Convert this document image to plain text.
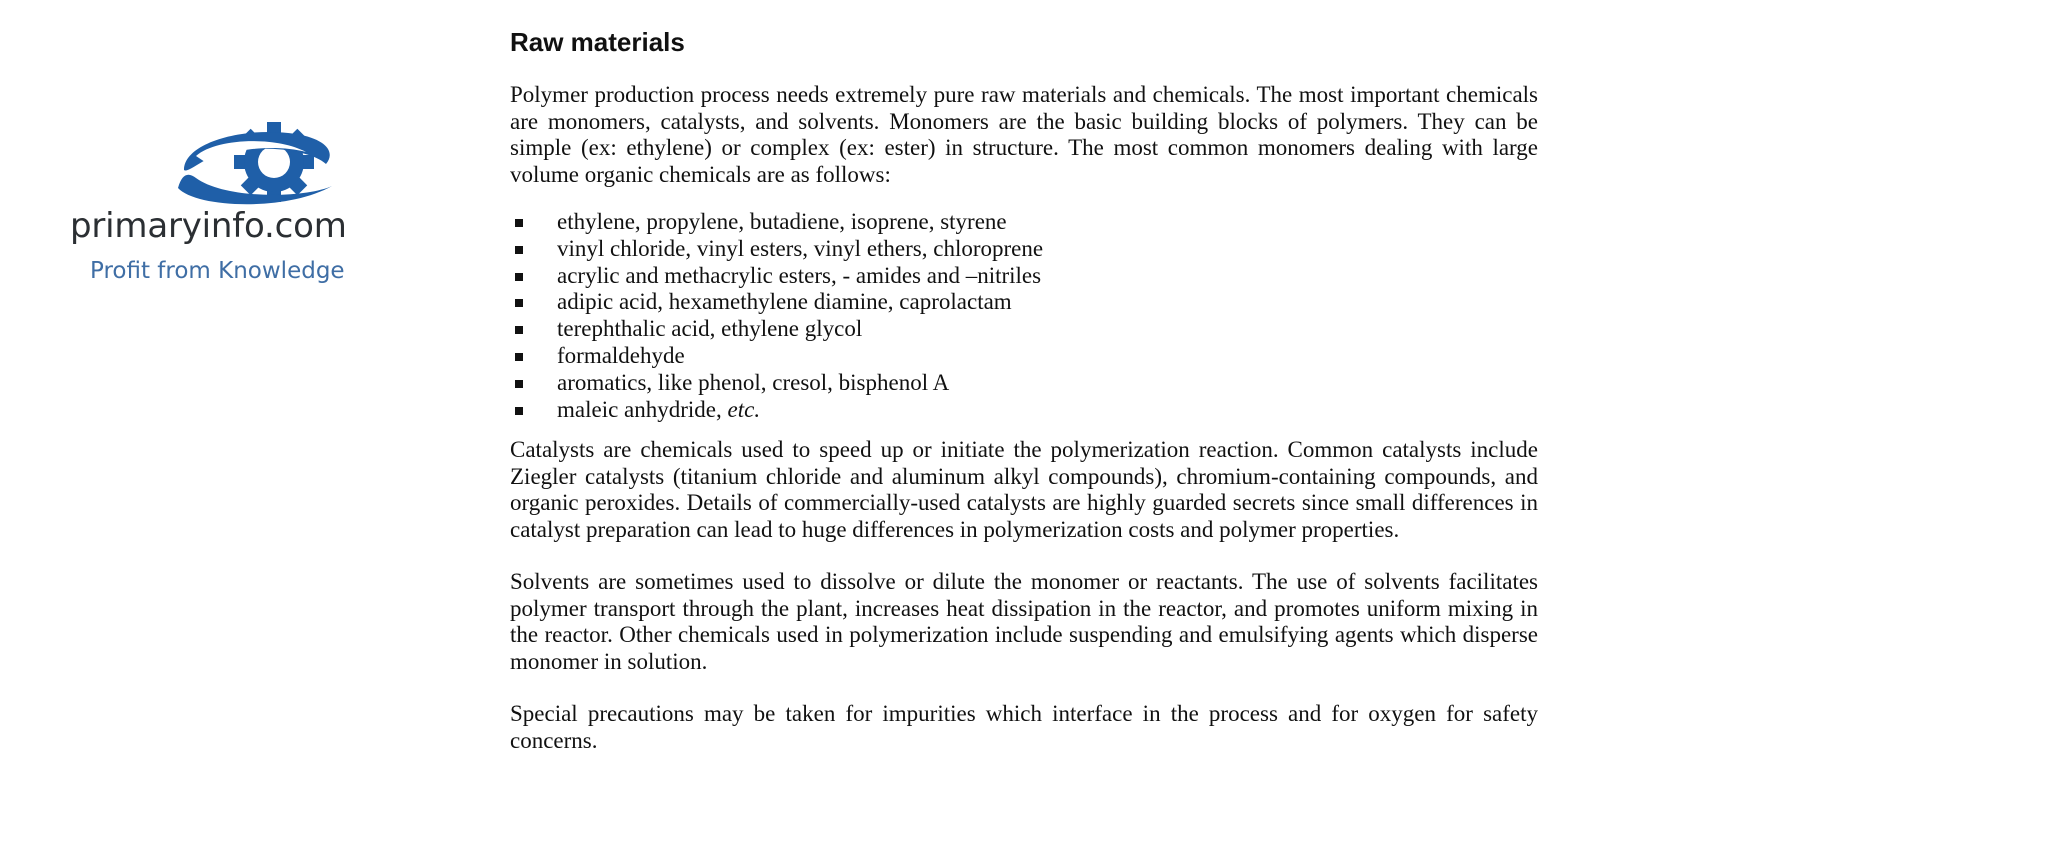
primaryinfo.com
Profit from Knowledge
Raw materials

Polymer production process needs extremely pure raw materials and chemicals. The most important chemicals are monomers, catalysts, and solvents. Monomers are the basic building blocks of polymers. They can be simple (ex: ethylene) or complex (ex: ester) in structure. The most common monomers dealing with large volume organic chemicals are as follows:

ethylene, propylene, butadiene, isoprene, styrene
vinyl chloride, vinyl esters, vinyl ethers, chloroprene
acrylic and methacrylic esters, - amides and –nitriles
adipic acid, hexamethylene diamine, caprolactam
terephthalic acid, ethylene glycol
formaldehyde
aromatics, like phenol, cresol, bisphenol A
maleic anhydride, etc.

Catalysts are chemicals used to speed up or initiate the polymerization reaction. Common catalysts include Ziegler catalysts (titanium chloride and aluminum alkyl compounds), chromium-containing compounds, and organic peroxides. Details of commercially-used catalysts are highly guarded secrets since small differences in catalyst preparation can lead to huge differences in polymerization costs and polymer properties.

Solvents are sometimes used to dissolve or dilute the monomer or reactants. The use of solvents facilitates polymer transport through the plant, increases heat dissipation in the reactor, and promotes uniform mixing in the reactor. Other chemicals used in polymerization include suspending and emulsifying agents which disperse monomer in solution.

Special precautions may be taken for impurities which interface in the process and for oxygen for safety concerns.
